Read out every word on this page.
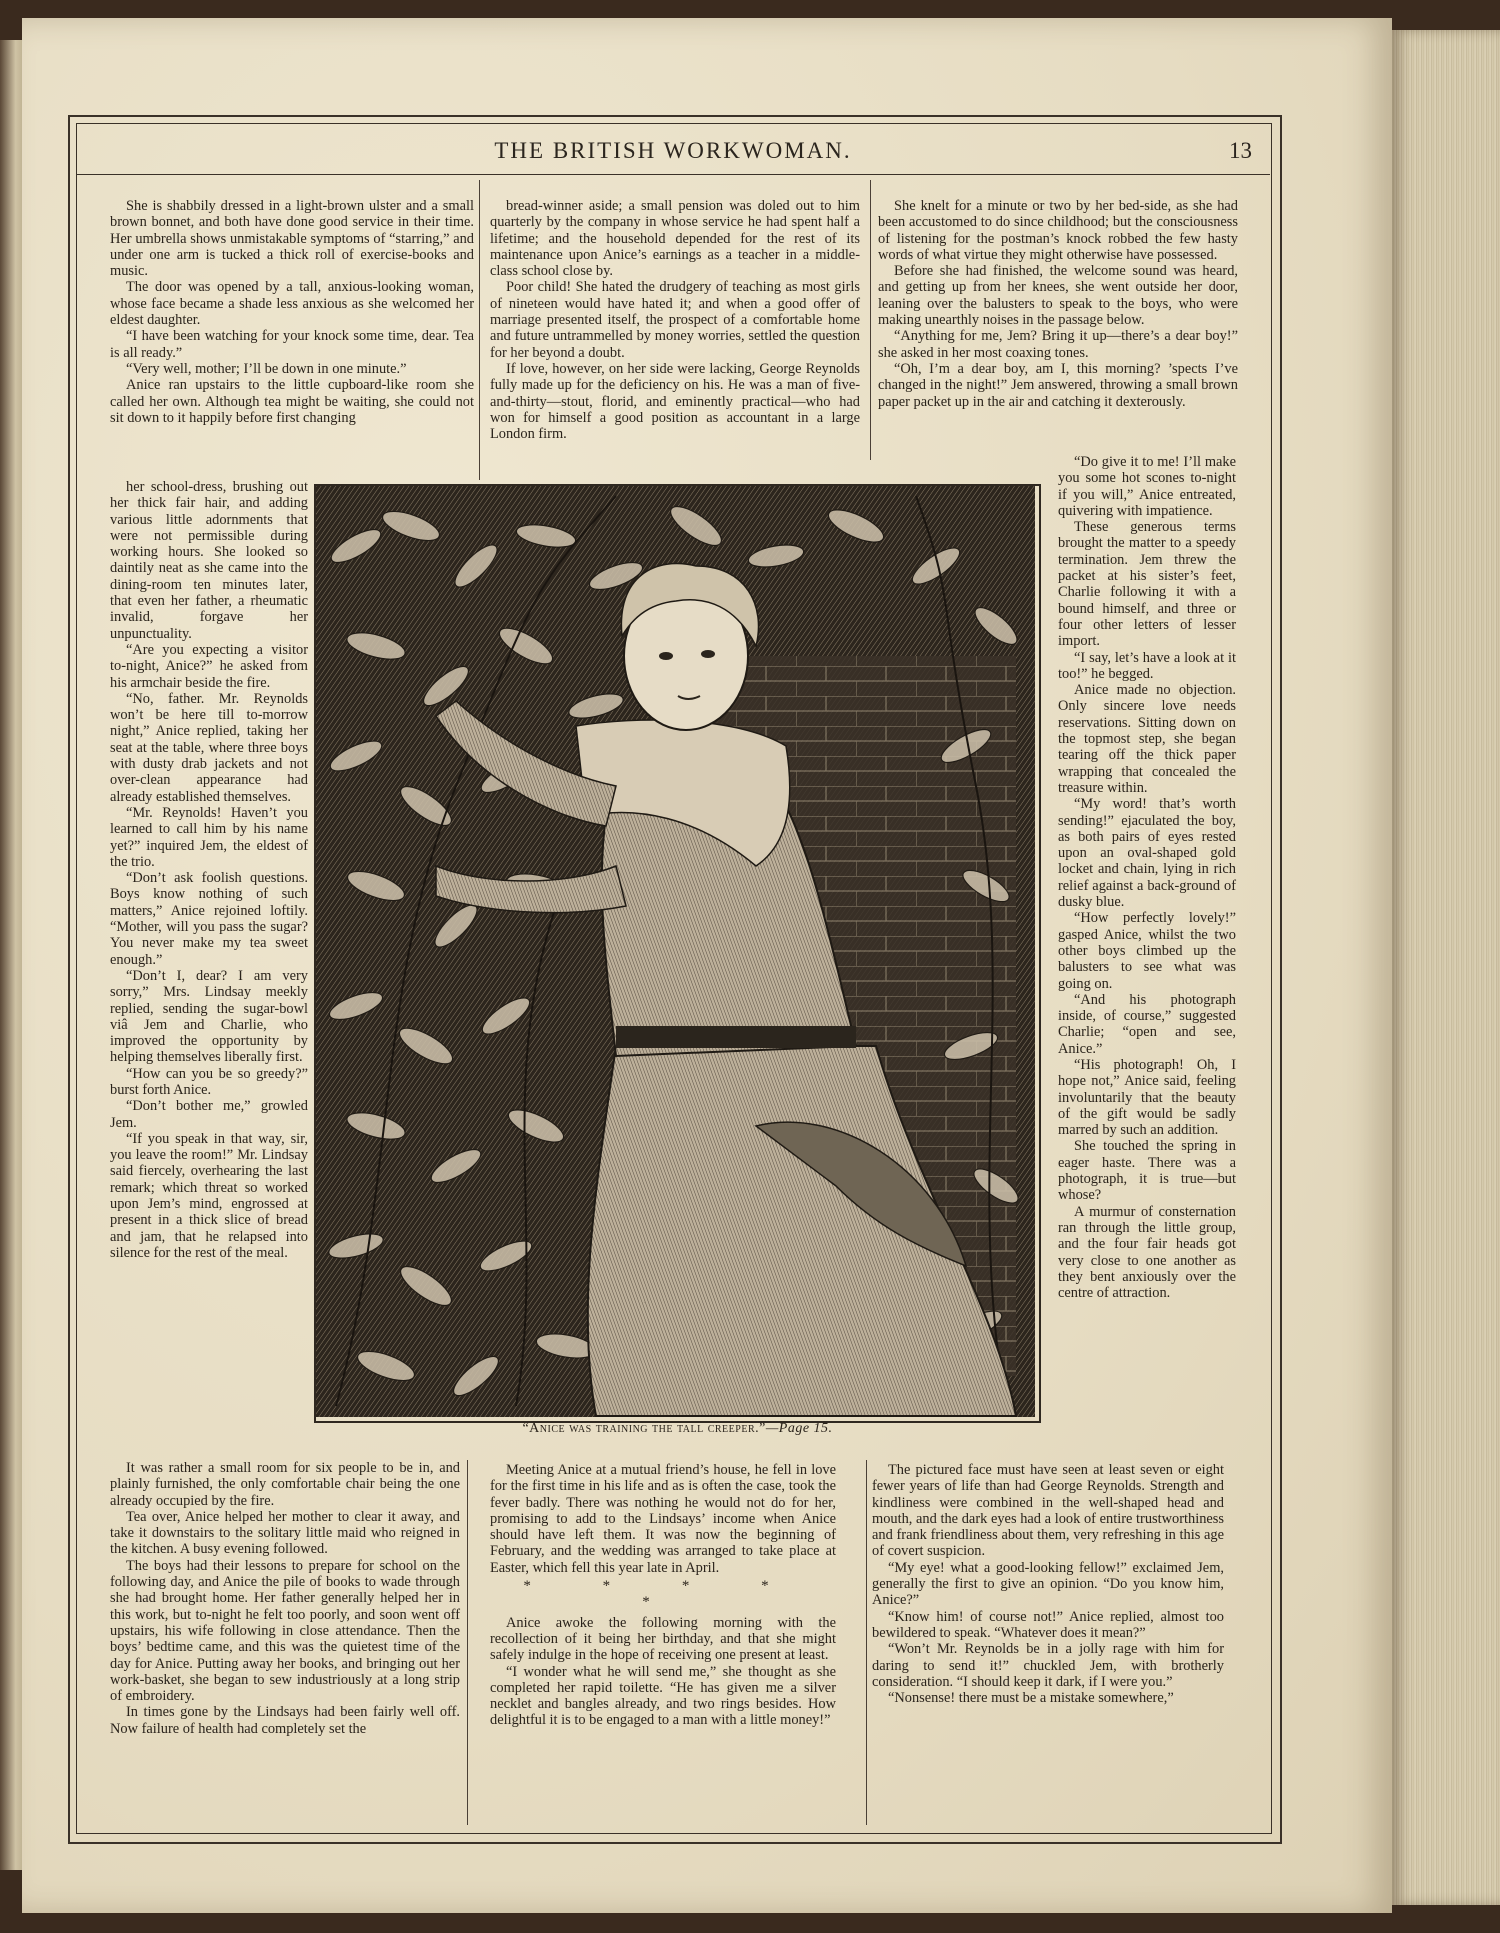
THE BRITISH WORKWOMAN.	13

She is shabbily dressed in a light-brown ulster and a small brown bonnet, and both have done good service in their time. Her umbrella shows unmistakable symptoms of “starring,” and under one arm is tucked a thick roll of exercise-books and music.

The door was opened by a tall, anxious-looking woman, whose face became a shade less anxious as she welcomed her eldest daughter.

“I have been watching for your knock some time, dear. Tea is all ready.”

“Very well, mother; I’ll be down in one minute.”

Anice ran upstairs to the little cupboard-like room she called her own. Although tea might be waiting, she could not sit down to it happily before first changing

her school-dress, brushing out her thick fair hair, and adding various little adornments that were not permissible during working hours. She looked so daintily neat as she came into the dining-room ten minutes later, that even her father, a rheumatic invalid, forgave her unpunctuality.

“Are you expecting a visitor to-night, Anice?” he asked from his armchair beside the fire.

“No, father. Mr. Reynolds won’t be here till to-morrow night,” Anice replied, taking her seat at the table, where three boys with dusty drab jackets and not over-clean appearance had already established themselves.

“Mr. Reynolds! Haven’t you learned to call him by his name yet?” inquired Jem, the eldest of the trio.

“Don’t ask foolish questions. Boys know nothing of such matters,” Anice rejoined loftily. “Mother, will you pass the sugar? You never make my tea sweet enough.”

“Don’t I, dear? I am very sorry,” Mrs. Lindsay meekly replied, sending the sugar-bowl viâ Jem and Charlie, who improved the opportunity by helping themselves liberally first.

“How can you be so greedy?” burst forth Anice.

“Don’t bother me,” growled Jem.

“If you speak in that way, sir, you leave the room!” Mr. Lindsay said fiercely, overhearing the last remark; which threat so worked upon Jem’s mind, engrossed at present in a thick slice of bread and jam, that he relapsed into silence for the rest of the meal.

It was rather a small room for six people to be in, and plainly furnished, the only comfortable chair being the one already occupied by the fire.

Tea over, Anice helped her mother to clear it away, and take it downstairs to the solitary little maid who reigned in the kitchen. A busy evening followed.

The boys had their lessons to prepare for school on the following day, and Anice the pile of books to wade through she had brought home. Her father generally helped her in this work, but to-night he felt too poorly, and soon went off upstairs, his wife following in close attendance. Then the boys’ bedtime came, and this was the quietest time of the day for Anice. Putting away her books, and bringing out her work-basket, she began to sew industriously at a long strip of embroidery.

In times gone by the Lindsays had been fairly well off. Now failure of health had completely set the

bread-winner aside; a small pension was doled out to him quarterly by the company in whose service he had spent half a lifetime; and the household depended for the rest of its maintenance upon Anice’s earnings as a teacher in a middle-class school close by.

Poor child! She hated the drudgery of teaching as most girls of nineteen would have hated it; and when a good offer of marriage presented itself, the prospect of a comfortable home and future untrammelled by money worries, settled the question for her beyond a doubt.

If love, however, on her side were lacking, George Reynolds fully made up for the deficiency on his. He was a man of five-and-thirty—stout, florid, and eminently practical—who had won for himself a good position as accountant in a large London firm.

Meeting Anice at a mutual friend’s house, he fell in love for the first time in his life and as is often the case, took the fever badly. There was nothing he would not do for her, promising to add to the Lindsays’ income when Anice should have left them. It was now the beginning of February, and the wedding was arranged to take place at Easter, which fell this year late in April.

* * * * *

Anice awoke the following morning with the recollection of it being her birthday, and that she might safely indulge in the hope of receiving one present at least.

“I wonder what he will send me,” she thought as she completed her rapid toilette. “He has given me a silver necklet and bangles already, and two rings besides. How delightful it is to be engaged to a man with a little money!”

She knelt for a minute or two by her bed-side, as she had been accustomed to do since childhood; but the consciousness of listening for the postman’s knock robbed the few hasty words of what virtue they might otherwise have possessed.

Before she had finished, the welcome sound was heard, and getting up from her knees, she went outside her door, leaning over the balusters to speak to the boys, who were making unearthly noises in the passage below.

“Anything for me, Jem? Bring it up—there’s a dear boy!” she asked in her most coaxing tones.

“Oh, I’m a dear boy, am I, this morning? ’spects I’ve changed in the night!” Jem answered, throwing a small brown paper packet up in the air and catching it dexterously.

“Do give it to me! I’ll make you some hot scones to-night if you will,” Anice entreated, quivering with impatience.

These generous terms brought the matter to a speedy termination. Jem threw the packet at his sister’s feet, Charlie following it with a bound himself, and three or four other letters of lesser import.

“I say, let’s have a look at it too!” he begged.

Anice made no objection. Only sincere love needs reservations. Sitting down on the topmost step, she began tearing off the thick paper wrapping that concealed the treasure within.

“My word! that’s worth sending!” ejaculated the boy, as both pairs of eyes rested upon an oval-shaped gold locket and chain, lying in rich relief against a back-ground of dusky blue.

“How perfectly lovely!” gasped Anice, whilst the two other boys climbed up the balusters to see what was going on.

“And his photograph inside, of course,” suggested Charlie; “open and see, Anice.”

“His photograph! Oh, I hope not,” Anice said, feeling involuntarily that the beauty of the gift would be sadly marred by such an addition.

She touched the spring in eager haste. There was a photograph, it is true—but whose?

A murmur of consternation ran through the little group, and the four fair heads got very close to one another as they bent anxiously over the centre of attraction.

The pictured face must have seen at least seven or eight fewer years of life than had George Reynolds. Strength and kindliness were combined in the well-shaped head and mouth, and the dark eyes had a look of entire trustworthiness and frank friendliness about them, very refreshing in this age of covert suspicion.

“My eye! what a good-looking fellow!” exclaimed Jem, generally the first to give an opinion. “Do you know him, Anice?”

“Know him! of course not!” Anice replied, almost too bewildered to speak. “Whatever does it mean?”

“Won’t Mr. Reynolds be in a jolly rage with him for daring to send it!” chuckled Jem, with brotherly consideration. “I should keep it dark, if I were you.”

“Nonsense! there must be a mistake somewhere,”

“Anice was training the tall creeper.”—Page 15.
